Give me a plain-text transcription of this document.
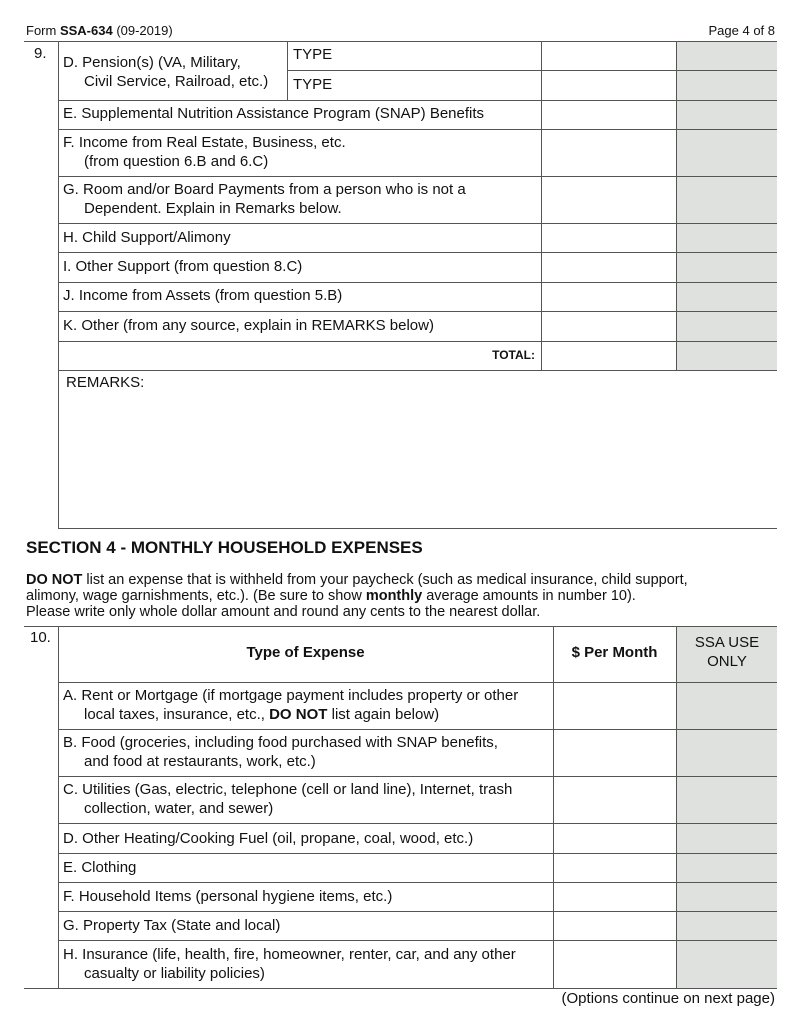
Form SSA-634 (09-2019)	Page 4 of 8
9.
D. Pension(s) (VA, Military,
Civil Service, Railroad, etc.)
TYPE
TYPE
E. Supplemental Nutrition Assistance Program (SNAP) Benefits
F. Income from Real Estate, Business, etc.
(from question 6.B and 6.C)
G. Room and/or Board Payments from a person who is not a
Dependent. Explain in Remarks below.
H. Child Support/Alimony
I. Other Support (from question 8.C)
J. Income from Assets (from question 5.B)
K. Other (from any source, explain in REMARKS below)
TOTAL:
REMARKS:
SECTION 4 - MONTHLY HOUSEHOLD EXPENSES
DO NOT list an expense that is withheld from your paycheck (such as medical insurance, child support,
alimony, wage garnishments, etc.). (Be sure to show monthly average amounts in number 10).
Please write only whole dollar amount and round any cents to the nearest dollar.
10.
Type of Expense	$ Per Month
SSA USE
ONLY
A. Rent or Mortgage (if mortgage payment includes property or other
local taxes, insurance, etc., DO NOT list again below)
B. Food (groceries, including food purchased with SNAP benefits,
and food at restaurants, work, etc.)
C. Utilities (Gas, electric, telephone (cell or land line), Internet, trash
collection, water, and sewer)
D. Other Heating/Cooking Fuel (oil, propane, coal, wood, etc.)
E. Clothing
F. Household Items (personal hygiene items, etc.)
G. Property Tax (State and local)
H. Insurance (life, health, fire, homeowner, renter, car, and any other
casualty or liability policies)
(Options continue on next page)
